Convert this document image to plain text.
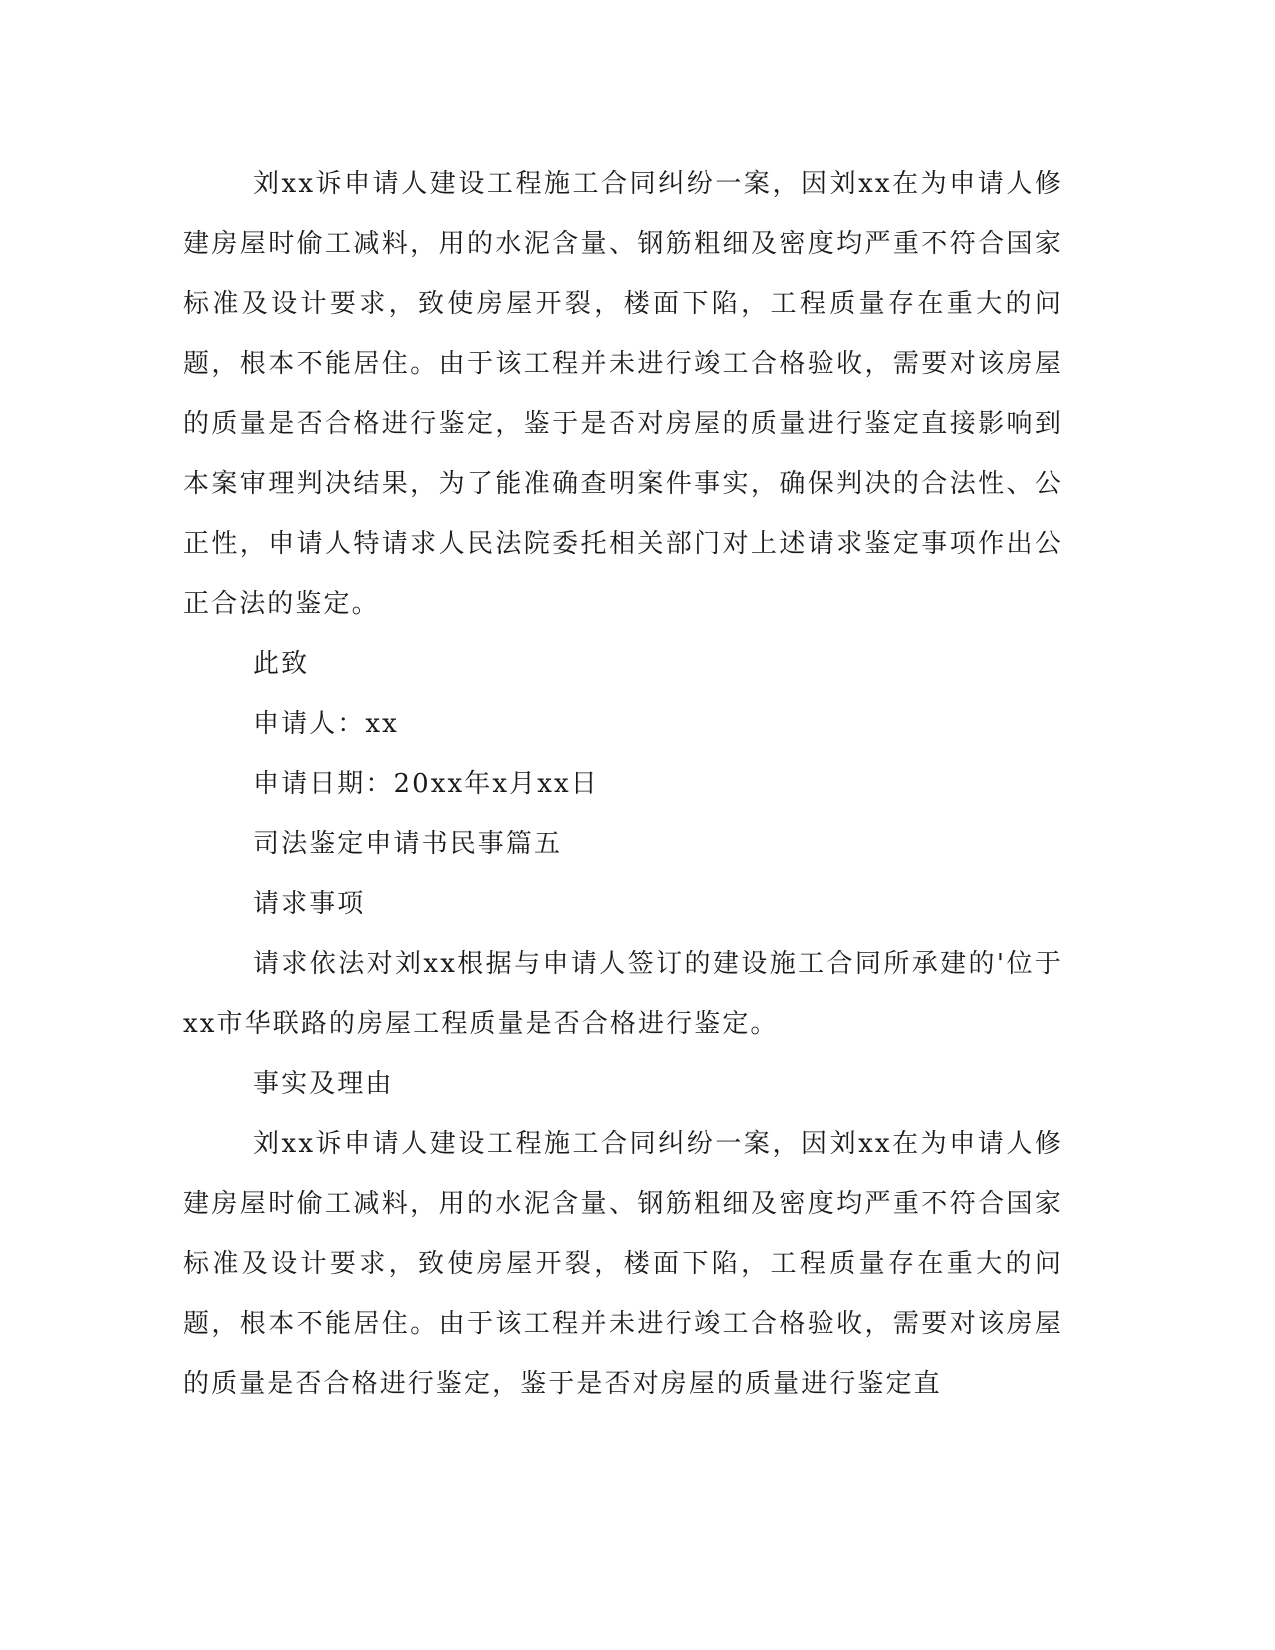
刘xx诉申请人建设工程施工合同纠纷一案，因刘xx在为申请人修建房屋时偷工减料，用的水泥含量、钢筋粗细及密度均严重不符合国家标准及设计要求，致使房屋开裂，楼面下陷，工程质量存在重大的问题，根本不能居住。由于该工程并未进行竣工合格验收，需要对该房屋的质量是否合格进行鉴定，鉴于是否对房屋的质量进行鉴定直接影响到本案审理判决结果，为了能准确查明案件事实，确保判决的合法性、公正性，申请人特请求人民法院委托相关部门对上述请求鉴定事项作出公正合法的鉴定。

此致

申请人：xx

申请日期：20xx年x月xx日

司法鉴定申请书民事篇五

请求事项

请求依法对刘xx根据与申请人签订的建设施工合同所承建的'位于xx市华联路的房屋工程质量是否合格进行鉴定。

事实及理由

刘xx诉申请人建设工程施工合同纠纷一案，因刘xx在为申请人修建房屋时偷工减料，用的水泥含量、钢筋粗细及密度均严重不符合国家标准及设计要求，致使房屋开裂，楼面下陷，工程质量存在重大的问题，根本不能居住。由于该工程并未进行竣工合格验收，需要对该房屋的质量是否合格进行鉴定，鉴于是否对房屋的质量进行鉴定直
